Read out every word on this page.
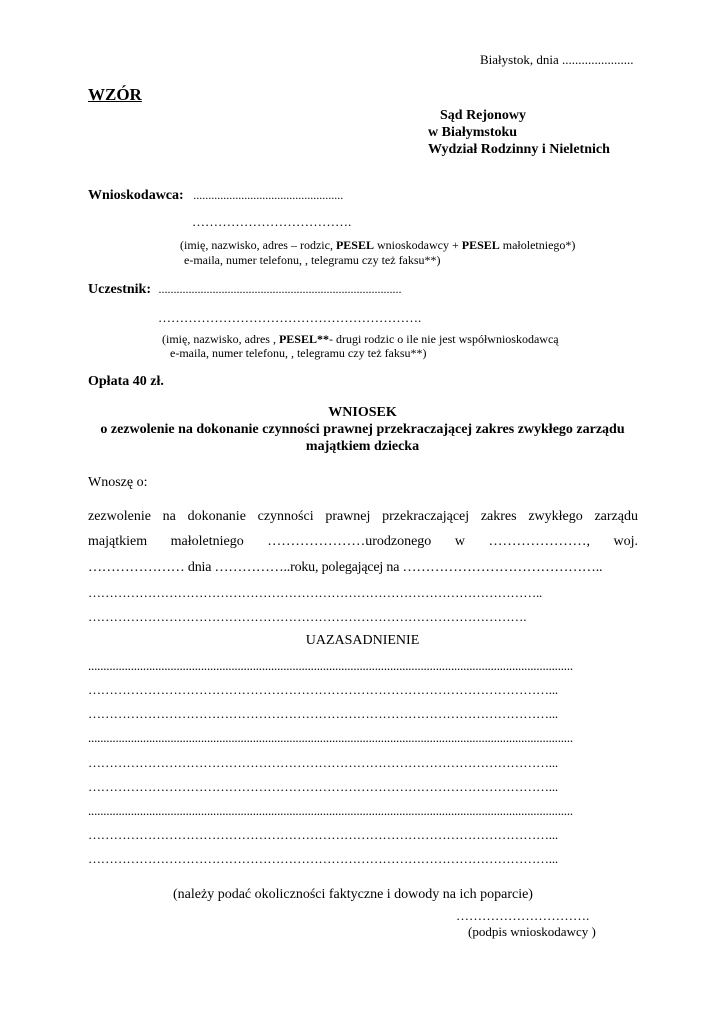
Białystok, dnia ......................
WZÓR
Sąd Rejonowy
w Białymstoku
Wydział Rodzinny i Nieletnich
Wnioskodawca: ..................................................
……………………………….
(imię, nazwisko, adres – rodzic, PESEL wnioskodawcy + PESEL małoletniego*)
e-maila, numer telefonu, , telegramu czy też faksu**)
Uczestnik: .................................................................................
…………………………………………………….
(imię, nazwisko, adres , PESEL**- drugi rodzic o ile nie jest współwnioskodawcą
e-maila, numer telefonu, , telegramu czy też faksu**)
Opłata 40 zł.
WNIOSEK
o zezwolenie na dokonanie czynności prawnej przekraczającej zakres zwykłego zarządu
majątkiem dziecka
Wnoszę o:
zezwolenie na dokonanie czynności prawnej przekraczającej zakres zwykłego zarządu
majątkiem małoletniego …………………urodzonego w …………………, woj.
………………… dnia ……………..roku, polegającej na ……………………………………..
……………………………………………………………………………………………..
………………………………………………………………………………………….
UAZASADNIENIE
...............................................................................................................................................................
………………………………………………………………………………………………...
………………………………………………………………………………………………...
...............................................................................................................................................................
………………………………………………………………………………………………...
………………………………………………………………………………………………...
...............................................................................................................................................................
………………………………………………………………………………………………...
………………………………………………………………………………………………...
(należy podać okoliczności faktyczne i dowody na ich poparcie)
………………………….
(podpis wnioskodawcy )
